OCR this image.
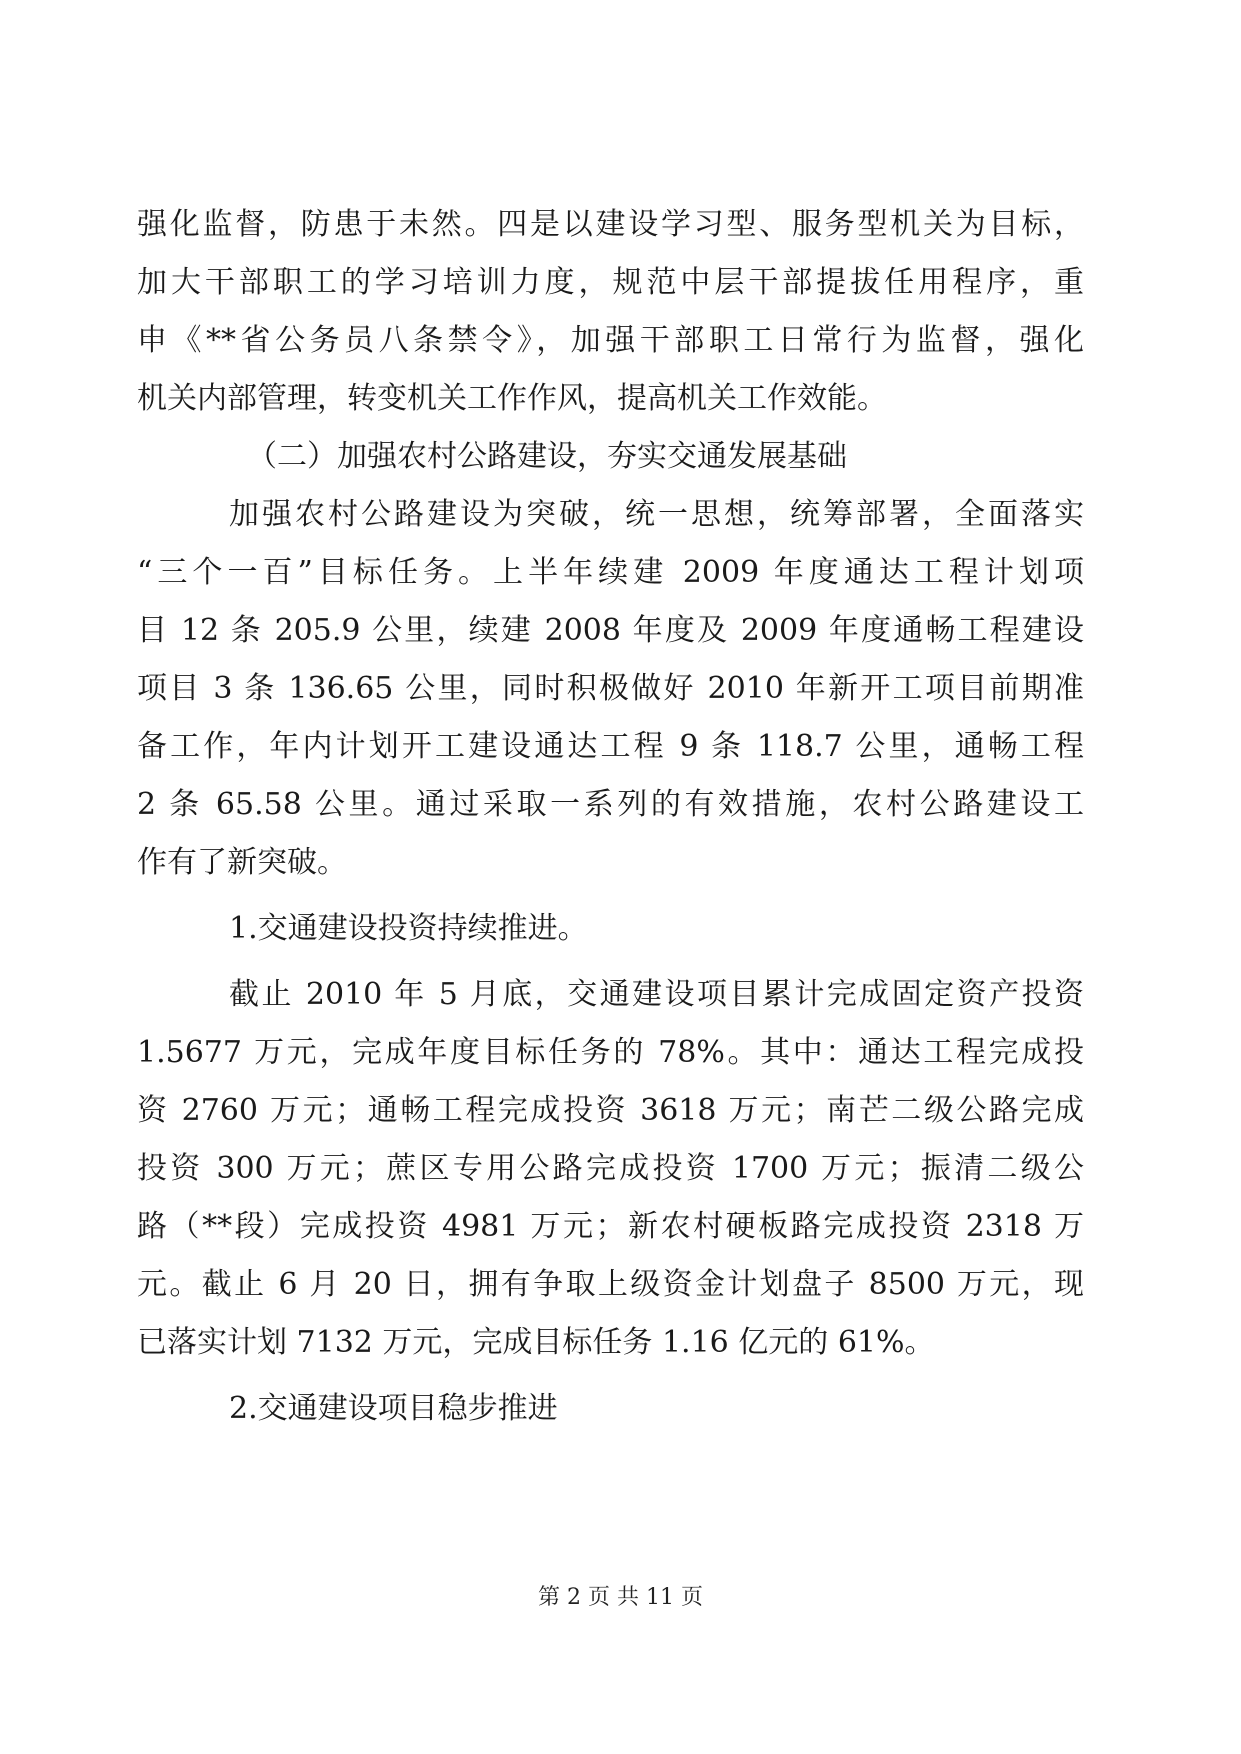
强化监督，防患于未然。四是以建设学习型、服务型机关为目标，
加大干部职工的学习培训力度，规范中层干部提拔任用程序，重
申《**省公务员八条禁令》，加强干部职工日常行为监督，强化
机关内部管理，转变机关工作作风，提高机关工作效能。
（二）加强农村公路建设，夯实交通发展基础
加强农村公路建设为突破，统一思想，统筹部署，全面落实
“三个一百”目标任务。上半年续建 2009 年度通达工程计划项
目 12 条 205.9 公里，续建 2008 年度及 2009 年度通畅工程建设
项目 3 条 136.65 公里，同时积极做好 2010 年新开工项目前期准
备工作，年内计划开工建设通达工程 9 条 118.7 公里，通畅工程
2 条 65.58 公里。通过采取一系列的有效措施，农村公路建设工
作有了新突破。
1.交通建设投资持续推进。
截止 2010 年 5 月底，交通建设项目累计完成固定资产投资
1.5677 万元，完成年度目标任务的 78%。其中：通达工程完成投
资 2760 万元；通畅工程完成投资 3618 万元；南芒二级公路完成
投资 300 万元；蔗区专用公路完成投资 1700 万元；振清二级公
路（**段）完成投资 4981 万元；新农村硬板路完成投资 2318 万
元。截止 6 月 20 日，拥有争取上级资金计划盘子 8500 万元，现
已落实计划 7132 万元，完成目标任务 1.16 亿元的 61%。
2.交通建设项目稳步推进
第 2 页 共 11 页
